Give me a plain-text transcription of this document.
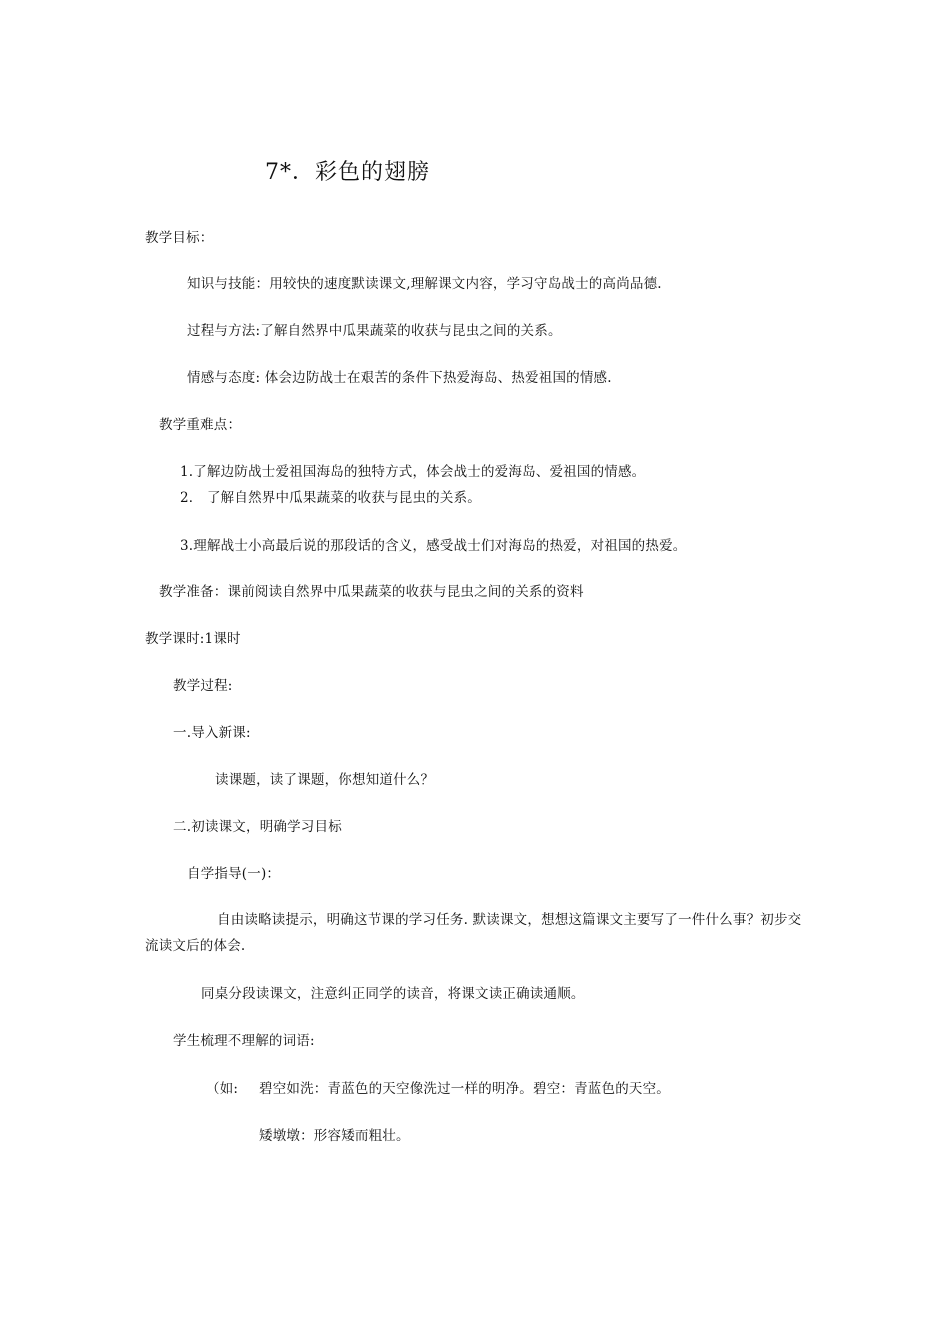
7*．彩色的翅膀
教学目标：
知识与技能：用较快的速度默读课文,理解课文内容，学习守岛战士的高尚品德.
过程与方法:了解自然界中瓜果蔬菜的收获与昆虫之间的关系。
情感与态度: 体会边防战士在艰苦的条件下热爱海岛、热爱祖国的情感.
教学重难点：
1.了解边防战士爱祖国海岛的独特方式，体会战士的爱海岛、爱祖国的情感。
2． 了解自然界中瓜果蔬菜的收获与昆虫的关系。
3.理解战士小高最后说的那段话的含义，感受战士们对海岛的热爱，对祖国的热爱。
教学准备：课前阅读自然界中瓜果蔬菜的收获与昆虫之间的关系的资料
教学课时:1课时
教学过程:
一.导入新课:
读课题，读了课题，你想知道什么？
二.初读课文，明确学习目标
自学指导(一)：
自由读略读提示，明确这节课的学习任务. 默读课文，想想这篇课文主要写了一件什么事？初步交流读文后的体会.
同桌分段读课文，注意纠正同学的读音，将课文读正确读通顺。
学生梳理不理解的词语:
（如: 碧空如洗：青蓝色的天空像洗过一样的明净。碧空：青蓝色的天空。
矮墩墩：形容矮而粗壮。
